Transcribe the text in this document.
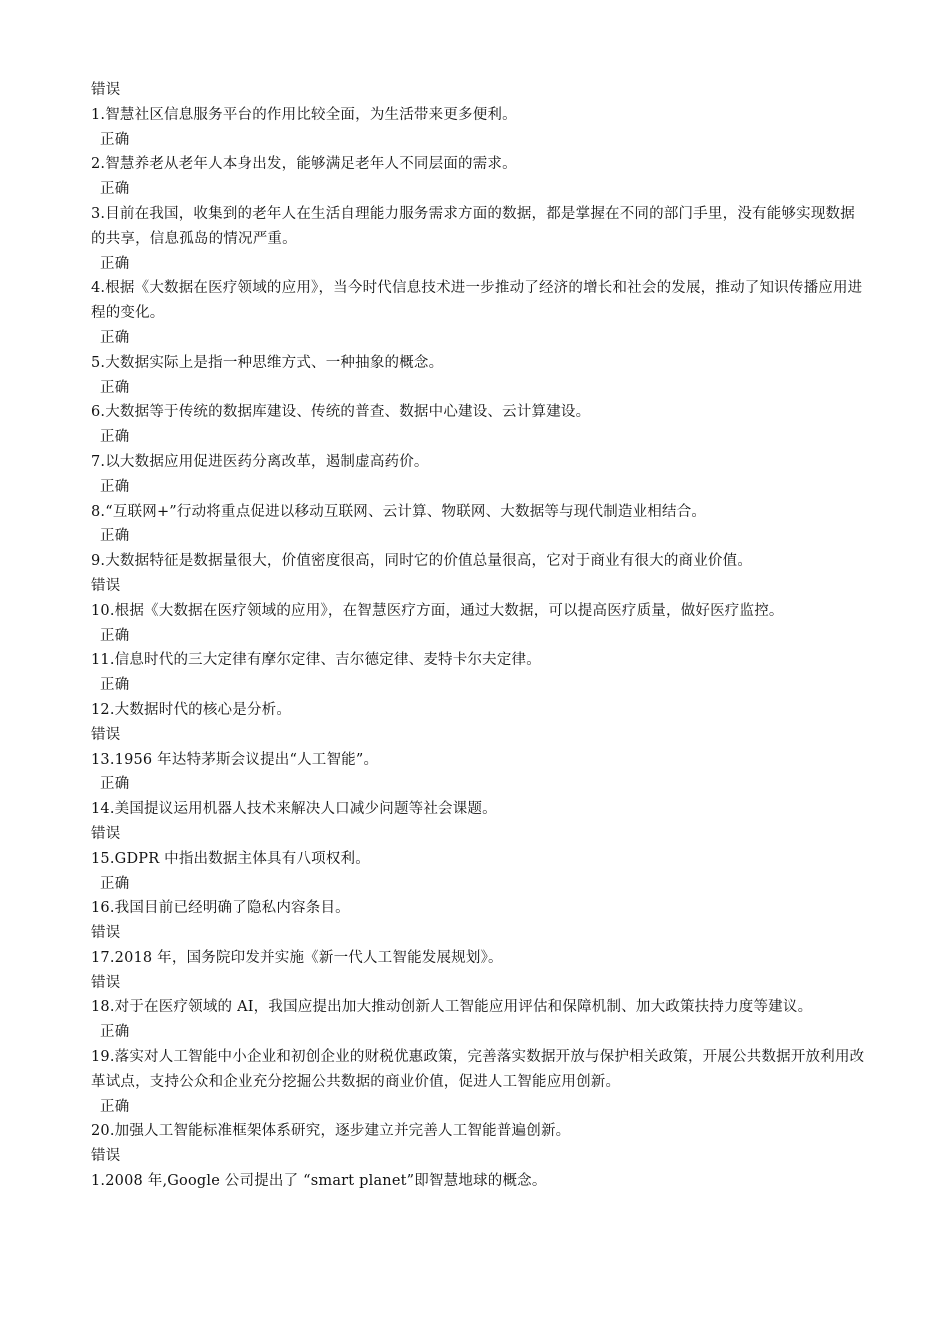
错误

1.智慧社区信息服务平台的作用比较全面，为生活带来更多便利。

正确

2.智慧养老从老年人本身出发，能够满足老年人不同层面的需求。

正确

3.目前在我国，收集到的老年人在生活自理能力服务需求方面的数据，都是掌握在不同的部门手里，没有能够实现数据的共享，信息孤岛的情况严重。

正确

4.根据《大数据在医疗领域的应用》，当今时代信息技术进一步推动了经济的增长和社会的发展，推动了知识传播应用进程的变化。

正确

5.大数据实际上是指一种思维方式、一种抽象的概念。

正确

6.大数据等于传统的数据库建设、传统的普查、数据中心建设、云计算建设。

正确

7.以大数据应用促进医药分离改革，遏制虚高药价。

正确

8.“互联网+”行动将重点促进以移动互联网、云计算、物联网、大数据等与现代制造业相结合。

正确

9.大数据特征是数据量很大，价值密度很高，同时它的价值总量很高，它对于商业有很大的商业价值。

错误

10.根据《大数据在医疗领域的应用》，在智慧医疗方面，通过大数据，可以提高医疗质量，做好医疗监控。

正确

11.信息时代的三大定律有摩尔定律、吉尔德定律、麦特卡尔夫定律。

正确

12.大数据时代的核心是分析。

错误

13.1956 年达特茅斯会议提出“人工智能”。

正确

14.美国提议运用机器人技术来解决人口减少问题等社会课题。

错误

15.GDPR 中指出数据主体具有八项权利。

正确

16.我国目前已经明确了隐私内容条目。

错误

17.2018 年，国务院印发并实施《新一代人工智能发展规划》。

错误

18.对于在医疗领域的 AI，我国应提出加大推动创新人工智能应用评估和保障机制、加大政策扶持力度等建议。

正确

19.落实对人工智能中小企业和初创企业的财税优惠政策，完善落实数据开放与保护相关政策，开展公共数据开放利用改革试点，支持公众和企业充分挖掘公共数据的商业价值，促进人工智能应用创新。

正确

20.加强人工智能标准框架体系研究，逐步建立并完善人工智能普遍创新。

错误

1.2008 年,Google 公司提出了 “smart planet”即智慧地球的概念。
